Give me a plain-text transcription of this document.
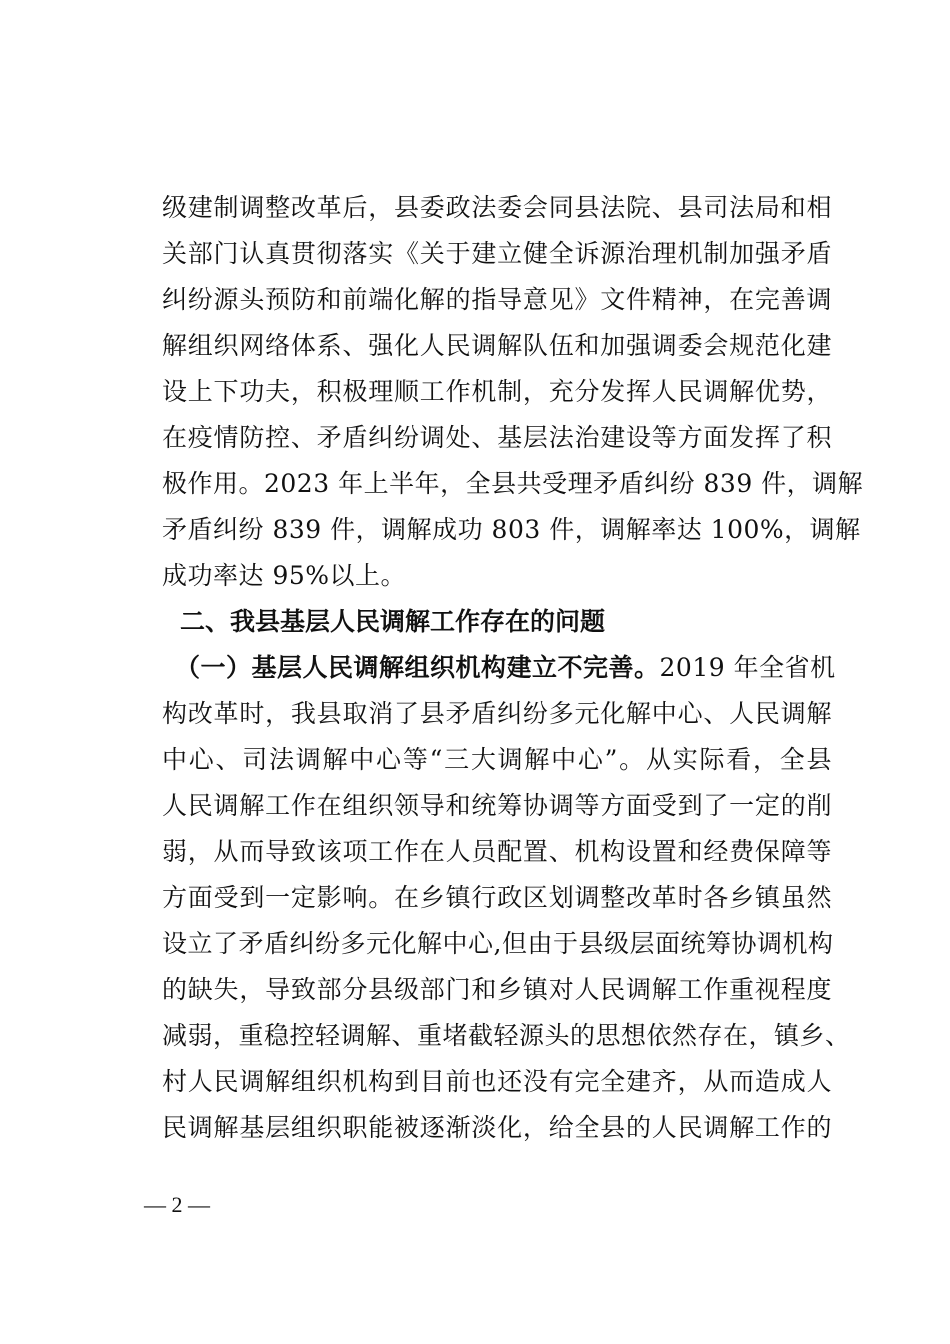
级建制调整改革后，县委政法委会同县法院、县司法局和相
关部门认真贯彻落实《关于建立健全诉源治理机制加强矛盾
纠纷源头预防和前端化解的指导意见》文件精神，在完善调
解组织网络体系、强化人民调解队伍和加强调委会规范化建
设上下功夫，积极理顺工作机制，充分发挥人民调解优势，
在疫情防控、矛盾纠纷调处、基层法治建设等方面发挥了积
极作用。2023 年上半年，全县共受理矛盾纠纷 839 件，调解
矛盾纠纷 839 件，调解成功 803 件，调解率达 100%，调解
成功率达 95%以上。
二、我县基层人民调解工作存在的问题
（一）基层人民调解组织机构建立不完善。2019 年全省机
构改革时，我县取消了县矛盾纠纷多元化解中心、人民调解
中心、司法调解中心等“三大调解中心”。从实际看，全县
人民调解工作在组织领导和统筹协调等方面受到了一定的削
弱，从而导致该项工作在人员配置、机构设置和经费保障等
方面受到一定影响。在乡镇行政区划调整改革时各乡镇虽然
设立了矛盾纠纷多元化解中心,但由于县级层面统筹协调机构
的缺失，导致部分县级部门和乡镇对人民调解工作重视程度
减弱，重稳控轻调解、重堵截轻源头的思想依然存在，镇乡、
村人民调解组织机构到目前也还没有完全建齐，从而造成人
民调解基层组织职能被逐渐淡化，给全县的人民调解工作的
— 2 —
